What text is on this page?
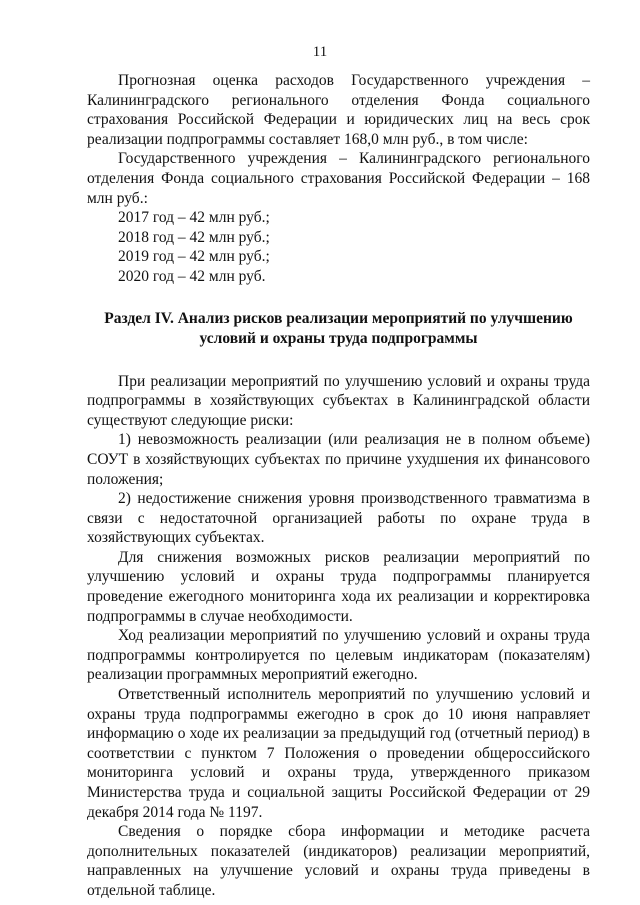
11

Прогнозная оценка расходов Государственного учреждения – Калининградского регионального отделения Фонда социального страхования Российской Федерации и юридических лиц на весь срок реализации подпрограммы составляет 168,0 млн руб., в том числе:

Государственного учреждения – Калининградского регионального отделения Фонда социального страхования Российской Федерации – 168 млн руб.:

2017 год – 42 млн руб.;

2018 год – 42 млн руб.;

2019 год – 42 млн руб.;

2020 год – 42 млн руб.

Раздел IV. Анализ рисков реализации мероприятий по улучшению условий и охраны труда подпрограммы

При реализации мероприятий по улучшению условий и охраны труда подпрограммы в хозяйствующих субъектах в Калининградской области существуют следующие риски:

1) невозможность реализации (или реализация не в полном объеме) СОУТ в хозяйствующих субъектах по причине ухудшения их финансового положения;

2) недостижение снижения уровня производственного травматизма в связи с недостаточной организацией работы по охране труда в хозяйствующих субъектах.

Для снижения возможных рисков реализации мероприятий по улучшению условий и охраны труда подпрограммы планируется проведение ежегодного мониторинга хода их реализации и корректировка подпрограммы в случае необходимости.

Ход реализации мероприятий по улучшению условий и охраны труда подпрограммы контролируется по целевым индикаторам (показателям) реализации программных мероприятий ежегодно.

Ответственный исполнитель мероприятий по улучшению условий и охраны труда подпрограммы ежегодно в срок до 10 июня направляет информацию о ходе их реализации за предыдущий год (отчетный период) в соответствии с пунктом 7 Положения о проведении общероссийского мониторинга условий и охраны труда, утвержденного приказом Министерства труда и социальной защиты Российской Федерации от 29 декабря 2014 года № 1197.

Сведения о порядке сбора информации и методике расчета дополнительных показателей (индикаторов) реализации мероприятий, направленных на улучшение условий и охраны труда приведены в отдельной таблице.
